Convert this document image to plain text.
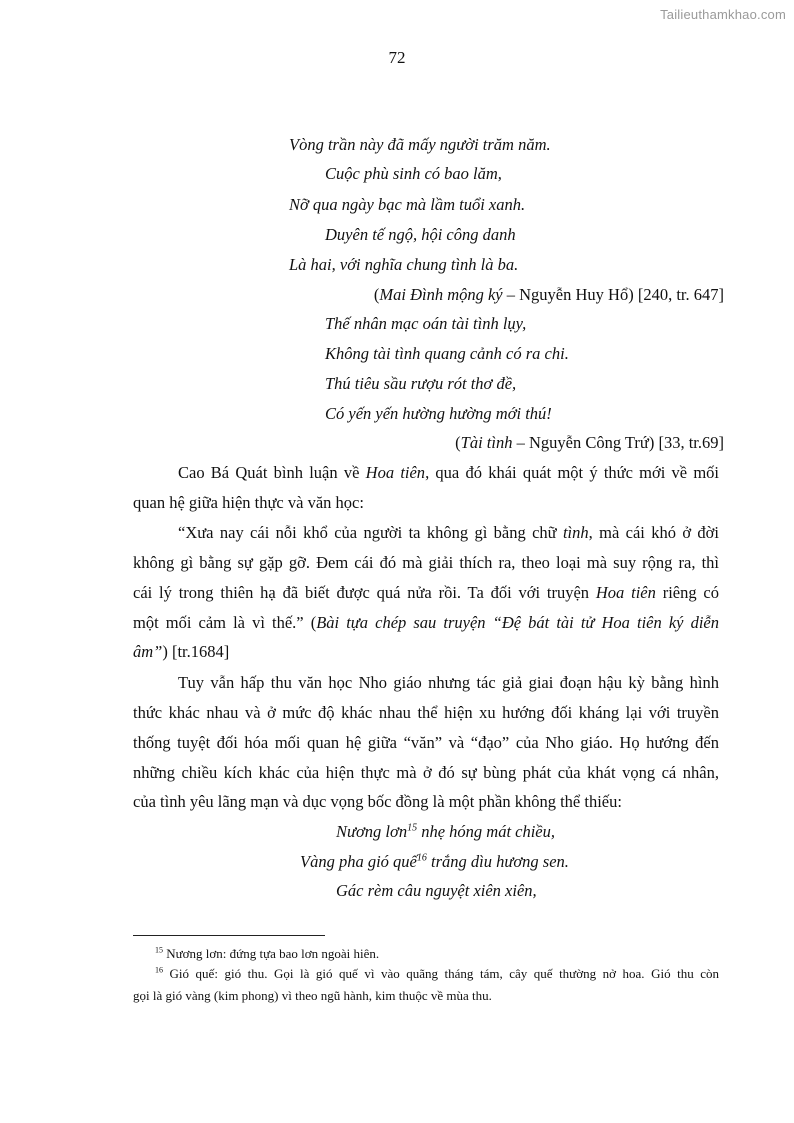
Tailieuthamkhao.com
72
Vòng trần này đã mấy người trăm năm.
Cuộc phù sinh có bao lăm,
Nỡ qua ngày bạc mà lầm tuổi xanh.
Duyên tế ngộ, hội công danh
Là hai, với nghĩa chung tình là ba.
(Mai Đình mộng ký – Nguyễn Huy Hổ) [240, tr. 647]
Thế nhân mạc oán tài tình lụy,
Không tài tình quang cảnh có ra chi.
Thú tiêu sầu rượu rót thơ đề,
Có yến yến hường hường mới thú!
(Tài tình – Nguyễn Công Trứ) [33, tr.69]
Cao Bá Quát bình luận về Hoa tiên, qua đó khái quát một ý thức mới về mối
quan hệ giữa hiện thực và văn học:
“Xưa nay cái nỗi khổ của người ta không gì bằng chữ tình, mà cái khó ở đời
không gì bằng sự gặp gỡ. Đem cái đó mà giải thích ra, theo loại mà suy rộng ra, thì
cái lý trong thiên hạ đã biết được quá nửa rồi. Ta đối với truyện Hoa tiên riêng có
một mối cảm là vì thế.” (Bài tựa chép sau truyện “Đệ bát tài tử Hoa tiên ký diễn
âm”) [tr.1684]
Tuy vẫn hấp thu văn học Nho giáo nhưng tác giả giai đoạn hậu kỳ bằng hình
thức khác nhau và ở mức độ khác nhau thể hiện xu hướng đối kháng lại với truyền
thống tuyệt đối hóa mối quan hệ giữa “văn” và “đạo” của Nho giáo. Họ hướng đến
những chiều kích khác của hiện thực mà ở đó sự bùng phát của khát vọng cá nhân,
của tình yêu lãng mạn và dục vọng bốc đồng là một phần không thể thiếu:
Nương lơn$^{15}$ nhẹ hóng mát chiều,
Vàng pha gió quế$^{16}$ trắng dìu hương sen.
Gác rèm câu nguyệt xiên xiên,
$^{15}$ Nương lơn: đứng tựa bao lơn ngoài hiên.
$^{16}$ Gió quế: gió thu. Gọi là gió quế vì vào quãng tháng tám, cây quế thường nở hoa. Gió thu còn
gọi là gió vàng (kim phong) vì theo ngũ hành, kim thuộc về mùa thu.
